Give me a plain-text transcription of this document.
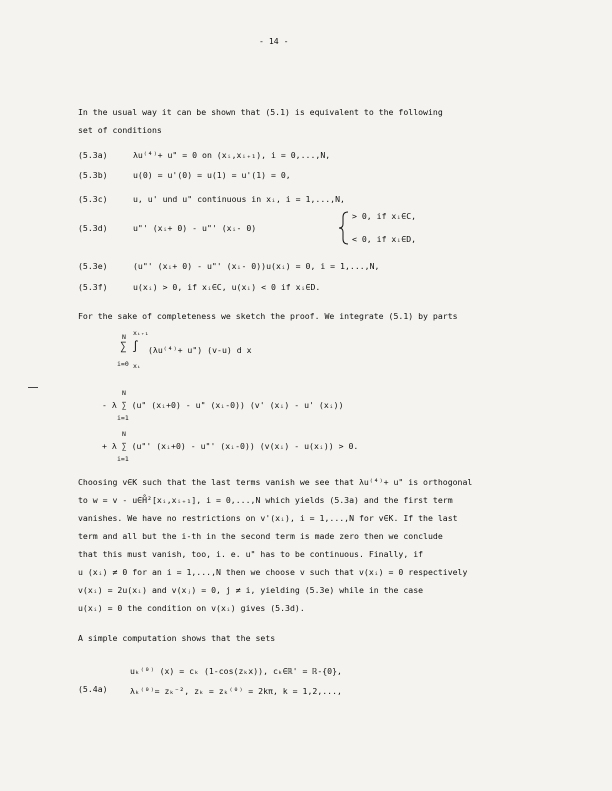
- 14 -
In the usual way it can be shown that (5.1) is equivalent to the following
set of conditions
(5.3a)	λu⁽⁴⁾+ u" = 0 on (xᵢ,xᵢ₊₁), i = 0,...,N,
(5.3b)	u(0) = u'(0) = u(1) = u'(1) = 0,
(5.3c)	u, u' und u" continuous in xᵢ, i = 1,...,N,
(5.3d)	u"' (xᵢ+ 0) - u"' (xᵢ- 0)
> 0, if xᵢ∈C,
< 0, if xᵢ∈D,
(5.3e)	(u"' (xᵢ+ 0) - u"' (xᵢ- 0))u(xᵢ) = 0, i = 1,...,N,
(5.3f)	u(xᵢ) > 0, if xᵢ∈C, u(xᵢ) < 0 if xᵢ∈D.
For the sake of completeness we sketch the proof. We integrate (5.1) by parts
N xᵢ₊₁
∑ ∫ (λu⁽⁴⁾+ u") (v-u) d x
i=0 xᵢ
N
- λ ∑ (u" (xᵢ+0) - u" (xᵢ-0)) (v' (xᵢ) - u' (xᵢ))
i=1
N
+ λ ∑ (u"' (xᵢ+0) - u"' (xᵢ-0)) (v(xᵢ) - u(xᵢ)) > 0.
i=1
Choosing v∈K such that the last terms vanish we see that λu⁽⁴⁾+ u" is orthogonal
to w = v - u∈H̊²[xᵢ,xᵢ₊₁], i = 0,...,N which yields (5.3a) and the first term
vanishes. We have no restrictions on v'(xᵢ), i = 1,...,N for v∈K. If the last
term and all but the i-th in the second term is made zero then we conclude
that this must vanish, too, i. e. u" has to be continuous. Finally, if
u (xᵢ) ≠ 0 for an i = 1,...,N then we choose v such that v(xᵢ) = 0 respectively
v(xᵢ) = 2u(xᵢ) and v(xⱼ) = 0, j ≠ i, yielding (5.3e) while in the case
u(xᵢ) = 0 the condition on v(xᵢ) gives (5.3d).
A simple computation shows that the sets
uₖ⁽⁰⁾ (x) = cₖ (1-cos(zₖx)), cₖ∈ℝ' = ℝ-{0},
(5.4a)	λₖ⁽⁰⁾= zₖ⁻², zₖ = zₖ⁽⁰⁾ = 2kπ, k = 1,2,...,
